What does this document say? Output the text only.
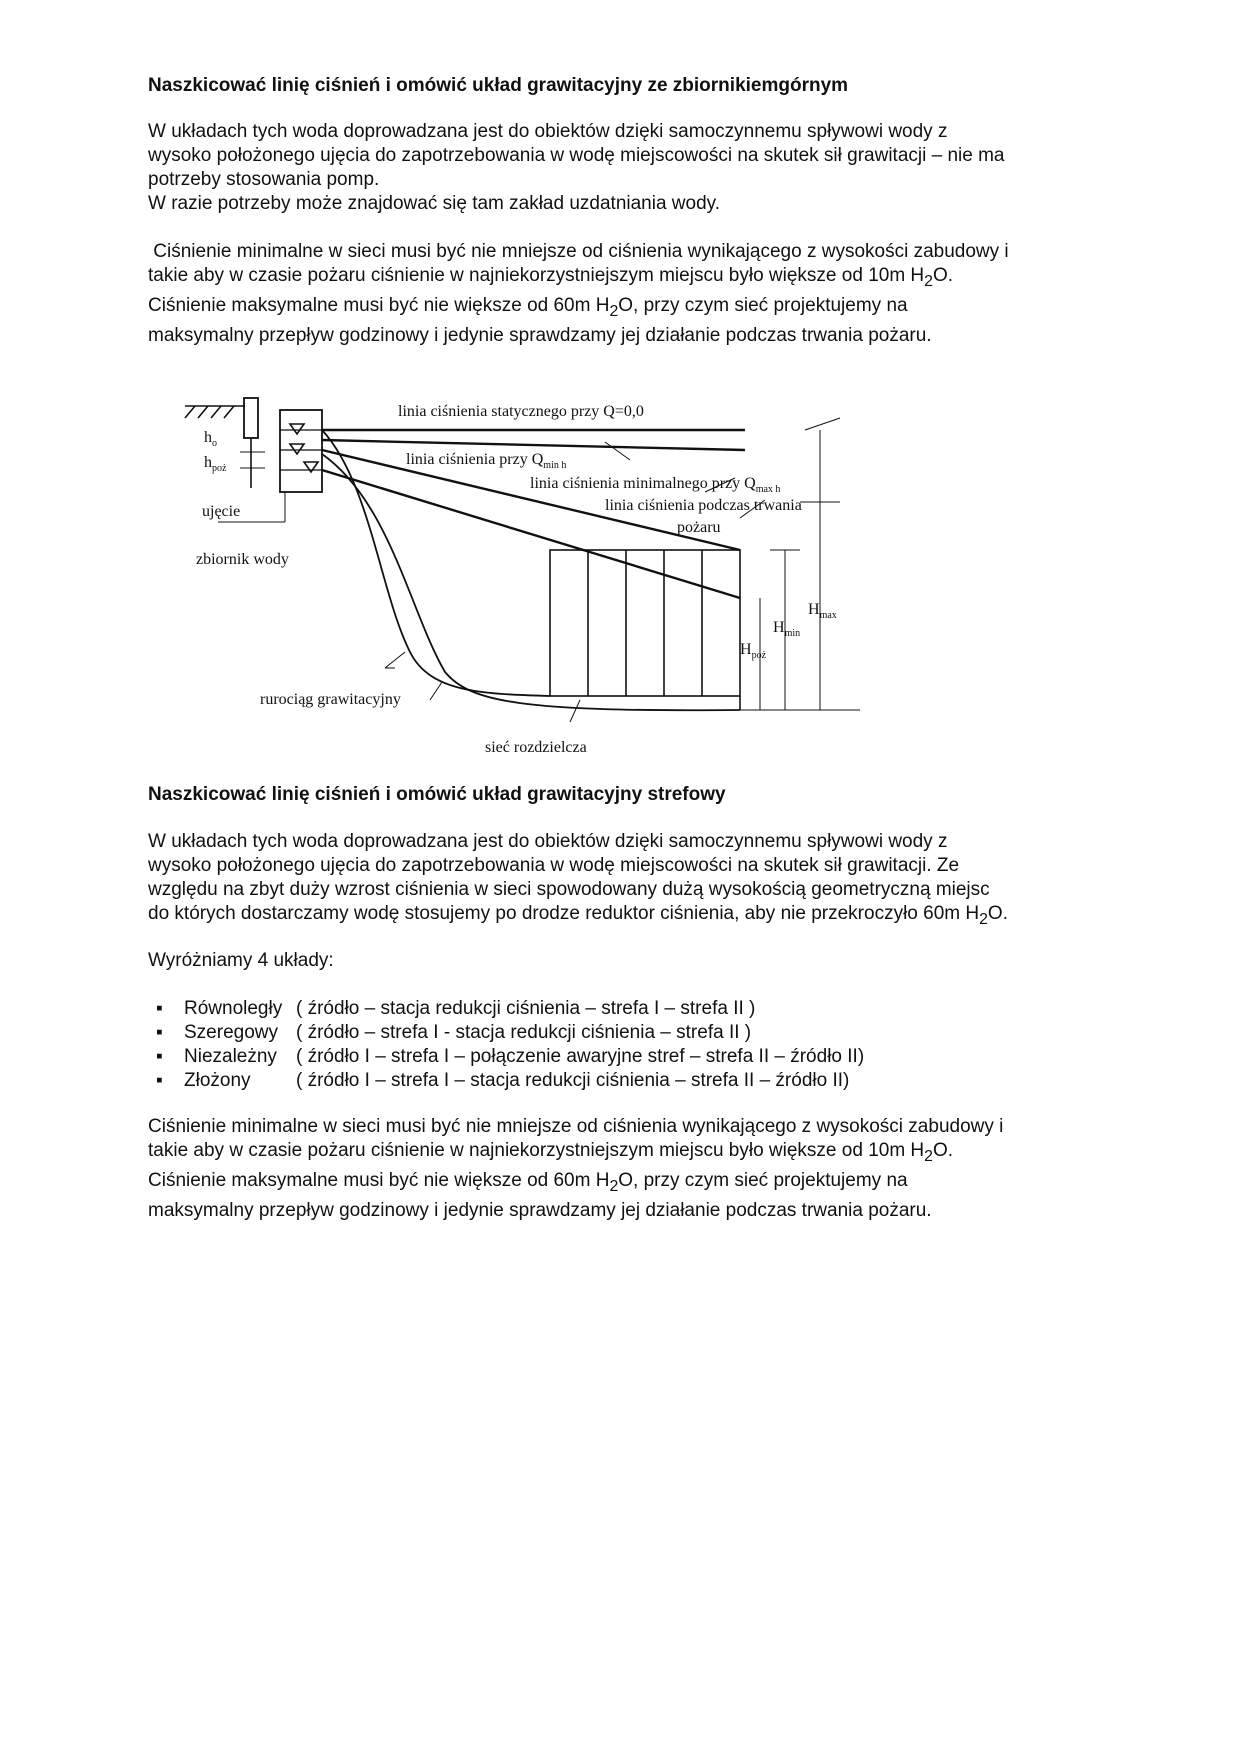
Naszkicować linię ciśnień i omówić układ grawitacyjny ze zbiornikiemgórnym

W układach tych woda doprowadzana jest do obiektów dzięki samoczynnemu spływowi wody z

wysoko położonego ujęcia do zapotrzebowania w wodę miejscowości na skutek sił grawitacji – nie ma

potrzeby stosowania pomp.

W razie potrzeby może znajdować się tam zakład uzdatniania wody.

Ciśnienie minimalne w sieci musi być nie mniejsze od ciśnienia wynikającego z wysokości zabudowy i

takie aby w czasie pożaru ciśnienie w najniekorzystniejszym miejscu było większe od 10m $H_2O$.

Ciśnienie maksymalne musi być nie większe od 60m $H_2O$, przy czym sieć projektujemy na

maksymalny przepływ godzinowy i jedynie sprawdzamy jej działanie podczas trwania pożaru.

linia ciśnienia statycznego przy Q=0,0
linia ciśnienia przy $Q_{min h}$
linia ciśnienia minimalnego przy $Q_{max h}$
linia ciśnienia podczas trwania
pożaru
$h_o$
$h_{poż}$
ujęcie
zbiornik wody
rurociąg grawitacyjny
sieć rozdzielcza
$H_{max}$
$H_{min}$
$H_{poż}$
Naszkicować linię ciśnień i omówić układ grawitacyjny strefowy

W układach tych woda doprowadzana jest do obiektów dzięki samoczynnemu spływowi wody z

wysoko położonego ujęcia do zapotrzebowania w wodę miejscowości na skutek sił grawitacji. Ze

względu na zbyt duży wzrost ciśnienia w sieci spowodowany dużą wysokością geometryczną miejsc

do których dostarczamy wodę stosujemy po drodze reduktor ciśnienia, aby nie przekroczyło 60m $H_2O$.

Wyróżniamy 4 układy:
▪ Równoległy ( źródło – stacja redukcji ciśnienia – strefa I – strefa II )
▪ Szeregowy ( źródło – strefa I - stacja redukcji ciśnienia – strefa II )
▪ Niezależny ( źródło I – strefa I – połączenie awaryjne stref – strefa II – źródło II)
▪ Złożony ( źródło I – strefa I – stacja redukcji ciśnienia – strefa II – źródło II)

Ciśnienie minimalne w sieci musi być nie mniejsze od ciśnienia wynikającego z wysokości zabudowy i

takie aby w czasie pożaru ciśnienie w najniekorzystniejszym miejscu było większe od 10m $H_2O$.

Ciśnienie maksymalne musi być nie większe od 60m $H_2O$, przy czym sieć projektujemy na

maksymalny przepływ godzinowy i jedynie sprawdzamy jej działanie podczas trwania pożaru.
